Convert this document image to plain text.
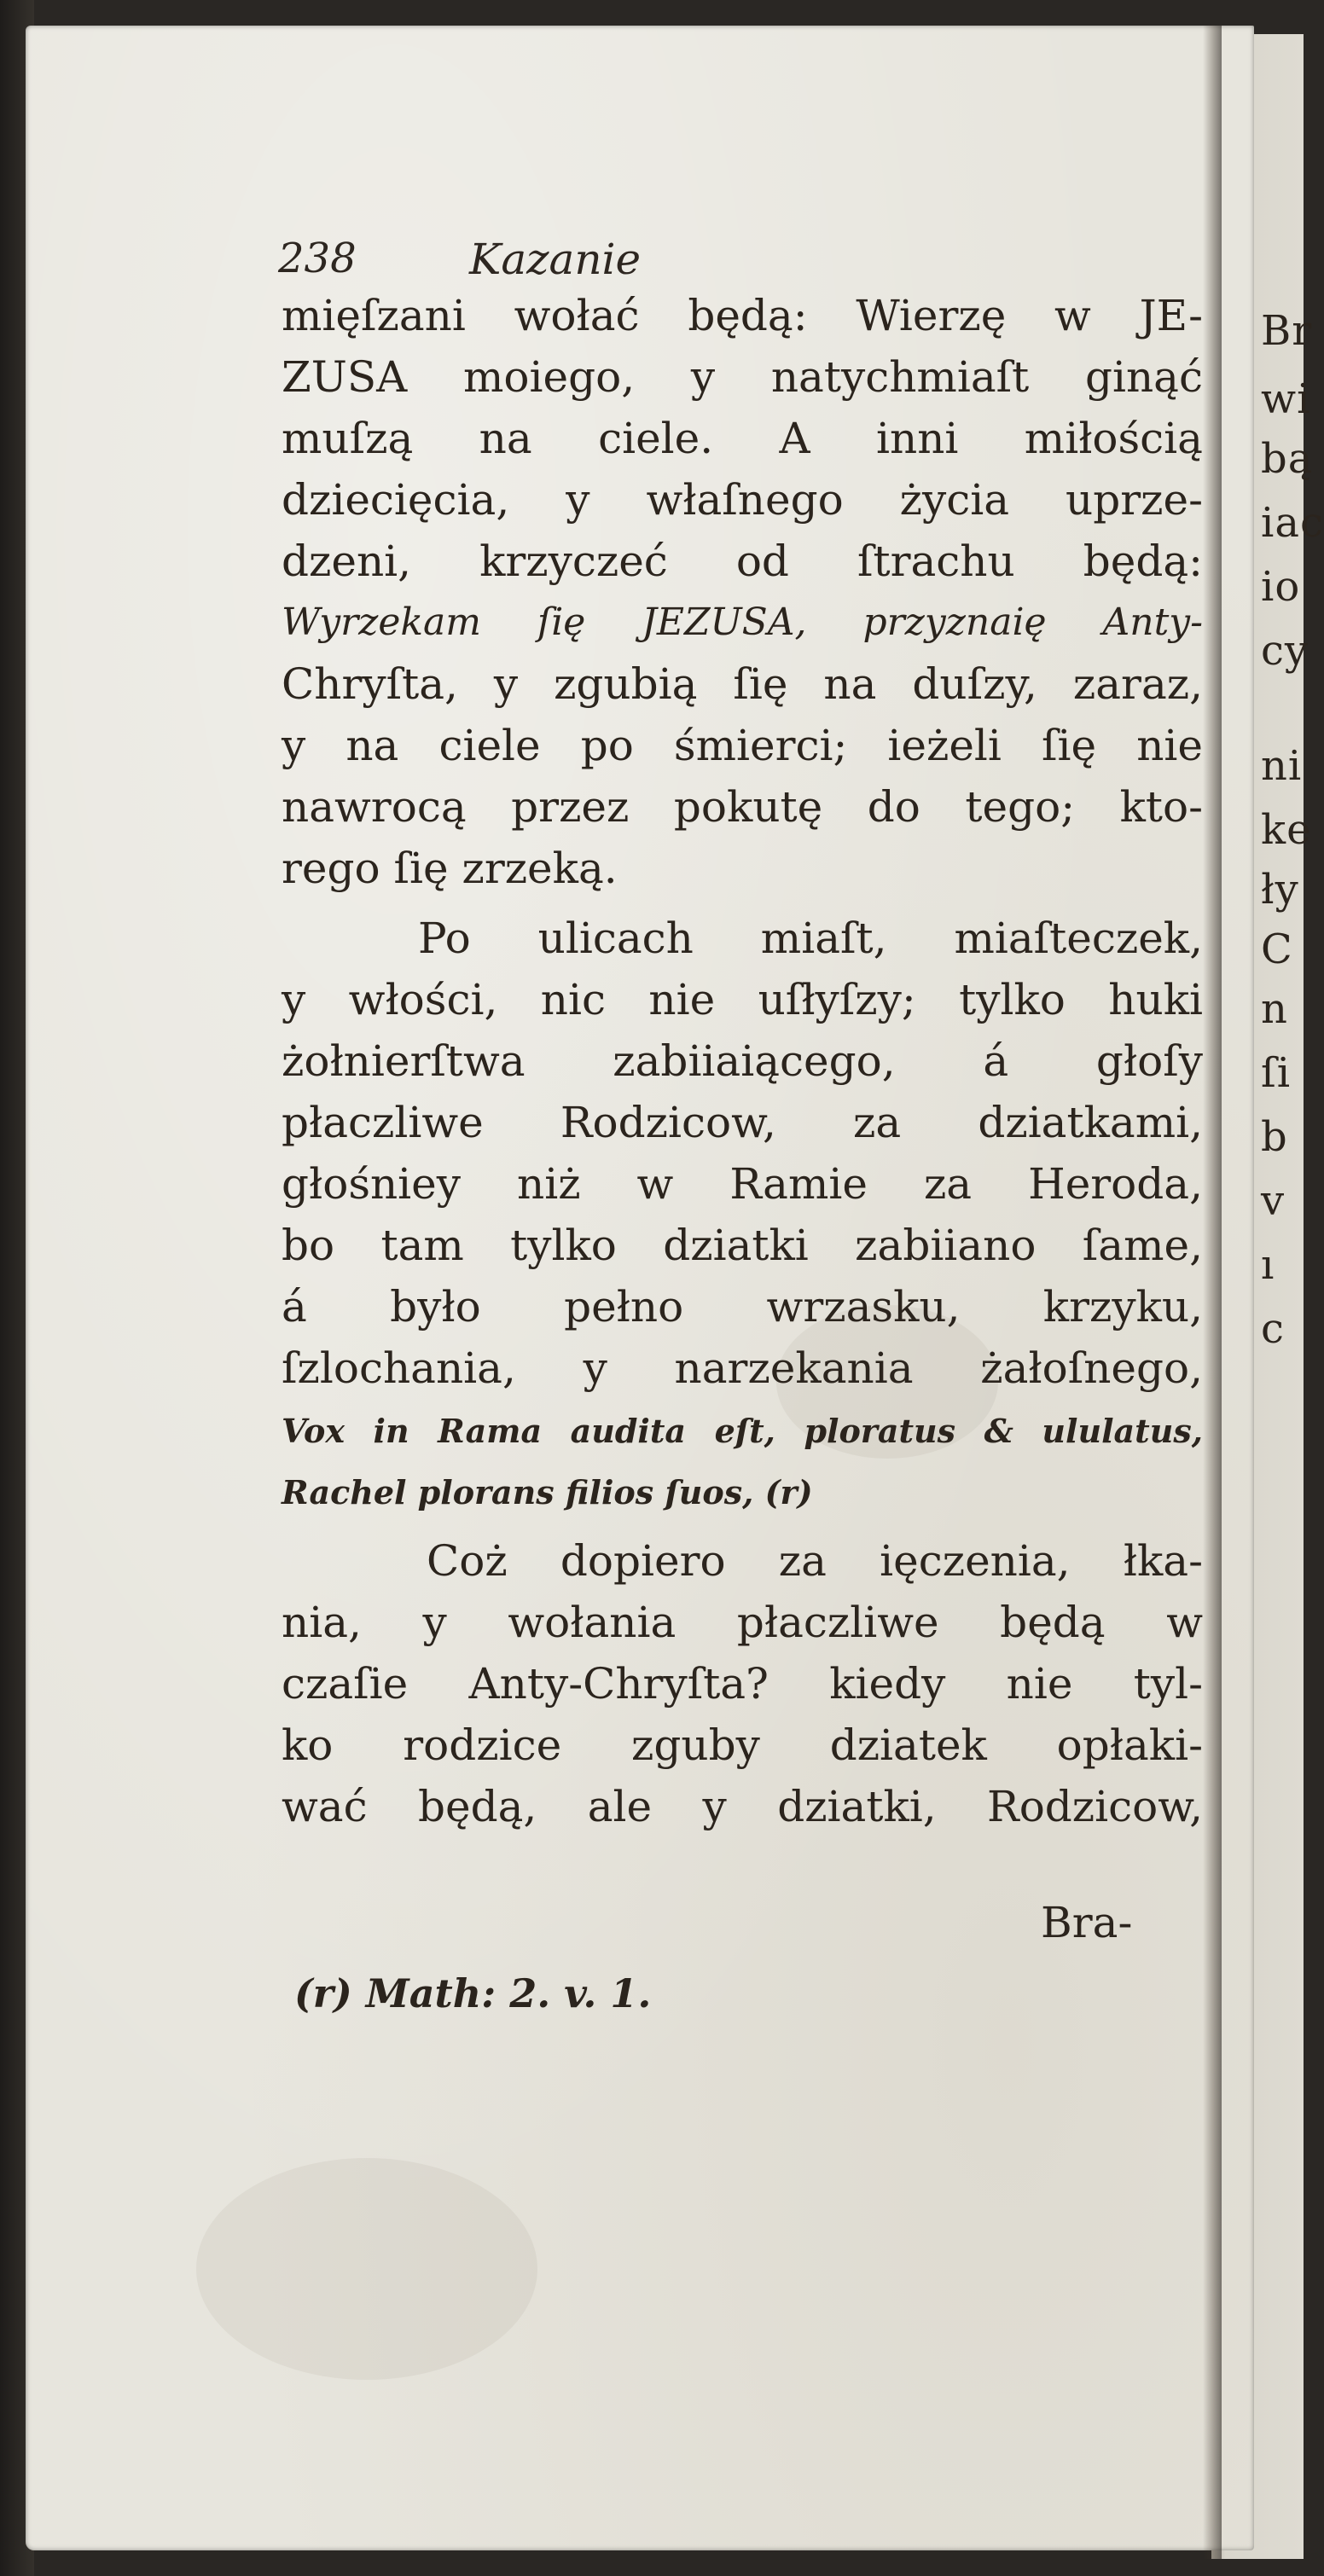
Br
wi
bą
iac
io
cy
ni
ke
ły
C
n
ſi
b
v
ı
c
238	Kazanie
mięſzani wołać będą: Wierzę w JE-
ZUSA moiego, y natychmiaſt ginąć
muſzą na ciele. A inni miłością
dziecięcia, y właſnego życia uprze-
dzeni, krzyczeć od ſtrachu będą:
Wyrzekam ſię JEZUSA, przyznaię Anty-
Chryſta, y zgubią ſię na duſzy, zaraz,
y na ciele po śmierci; ieżeli ſię nie
nawrocą przez pokutę do tego; kto-
rego ſię zrzeką.
Po ulicach miaſt, miaſteczek,
y włości, nic nie uſłyſzy; tylko huki
żołnierſtwa zabiiaiącego, á głoſy
płaczliwe Rodzicow, za dziatkami,
głośniey niż w Ramie za Heroda,
bo tam tylko dziatki zabiiano ſame,
á było pełno wrzasku, krzyku,
ſzlochania, y narzekania żałoſnego,
Vox in Rama audita eſt, ploratus & ululatus,
Rachel plorans filios ſuos, (r)
Coż dopiero za ięczenia, łka-
nia, y wołania płaczliwe będą w
czaſie Anty-Chryſta? kiedy nie tyl-
ko rodzice zguby dziatek opłaki-
wać będą, ale y dziatki, Rodzicow,
Bra-
(r) Math: 2. v. 1.
